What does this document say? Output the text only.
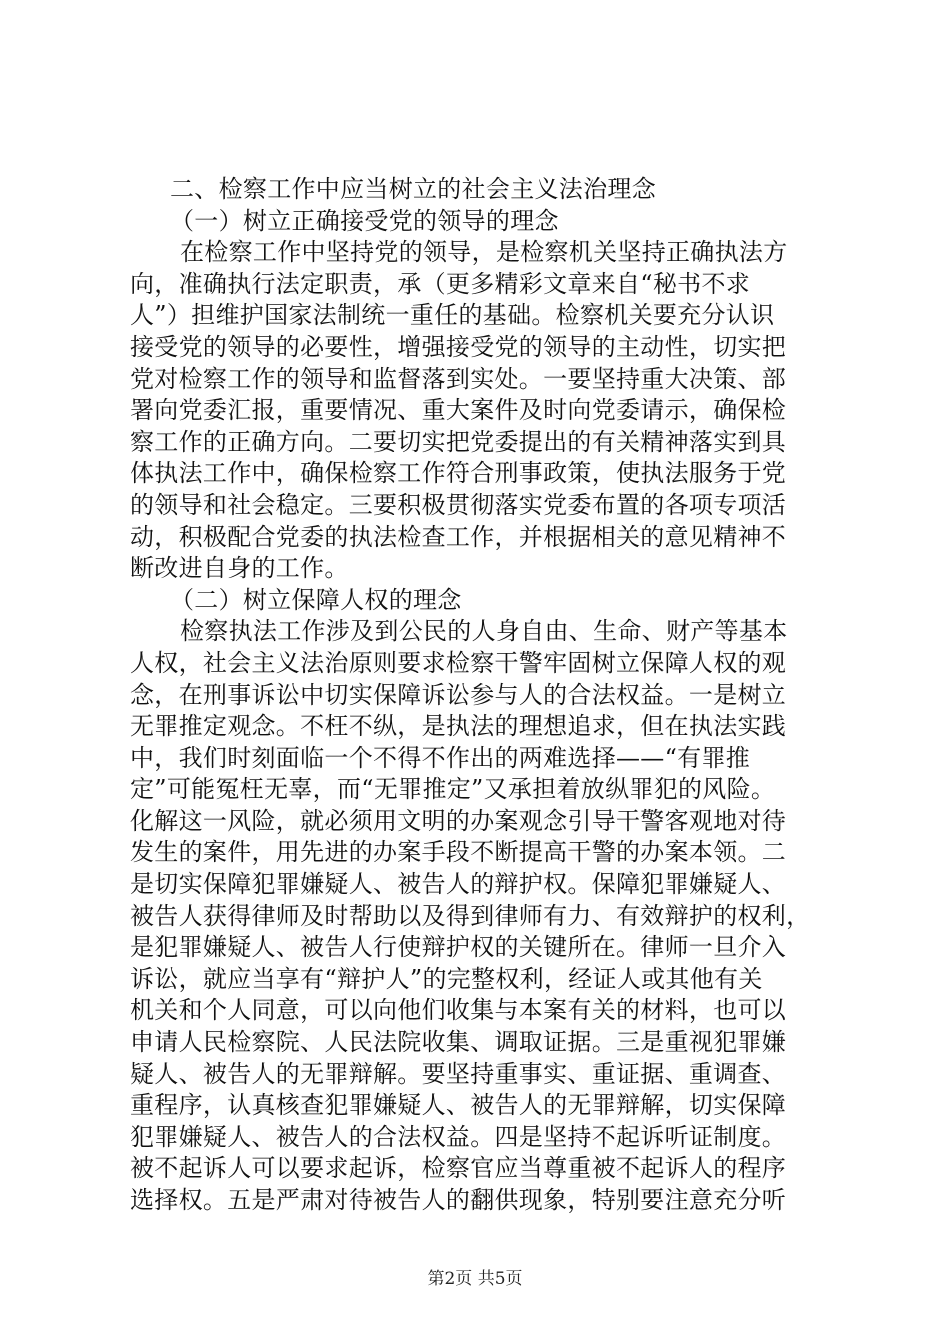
二、检察工作中应当树立的社会主义法治理念
（一）树立正确接受党的领导的理念
在检察工作中坚持党的领导，是检察机关坚持正确执法方
向，准确执行法定职责，承（更多精彩文章来自“秘书不求
人”）担维护国家法制统一重任的基础。检察机关要充分认识
接受党的领导的必要性，增强接受党的领导的主动性，切实把
党对检察工作的领导和监督落到实处。一要坚持重大决策、部
署向党委汇报，重要情况、重大案件及时向党委请示，确保检
察工作的正确方向。二要切实把党委提出的有关精神落实到具
体执法工作中，确保检察工作符合刑事政策，使执法服务于党
的领导和社会稳定。三要积极贯彻落实党委布置的各项专项活
动，积极配合党委的执法检查工作，并根据相关的意见精神不
断改进自身的工作。
（二）树立保障人权的理念
检察执法工作涉及到公民的人身自由、生命、财产等基本
人权，社会主义法治原则要求检察干警牢固树立保障人权的观
念，在刑事诉讼中切实保障诉讼参与人的合法权益。一是树立
无罪推定观念。不枉不纵，是执法的理想追求，但在执法实践
中，我们时刻面临一个不得不作出的两难选择——“有罪推
定”可能冤枉无辜，而“无罪推定”又承担着放纵罪犯的风险。
化解这一风险，就必须用文明的办案观念引导干警客观地对待
发生的案件，用先进的办案手段不断提高干警的办案本领。二
是切实保障犯罪嫌疑人、被告人的辩护权。保障犯罪嫌疑人、
被告人获得律师及时帮助以及得到律师有力、有效辩护的权利，
是犯罪嫌疑人、被告人行使辩护权的关键所在。律师一旦介入
诉讼，就应当享有“辩护人”的完整权利，经证人或其他有关
机关和个人同意，可以向他们收集与本案有关的材料，也可以
申请人民检察院、人民法院收集、调取证据。三是重视犯罪嫌
疑人、被告人的无罪辩解。要坚持重事实、重证据、重调查、
重程序，认真核查犯罪嫌疑人、被告人的无罪辩解，切实保障
犯罪嫌疑人、被告人的合法权益。四是坚持不起诉听证制度。
被不起诉人可以要求起诉，检察官应当尊重被不起诉人的程序
选择权。五是严肃对待被告人的翻供现象，特别要注意充分听
第2页 共5页
